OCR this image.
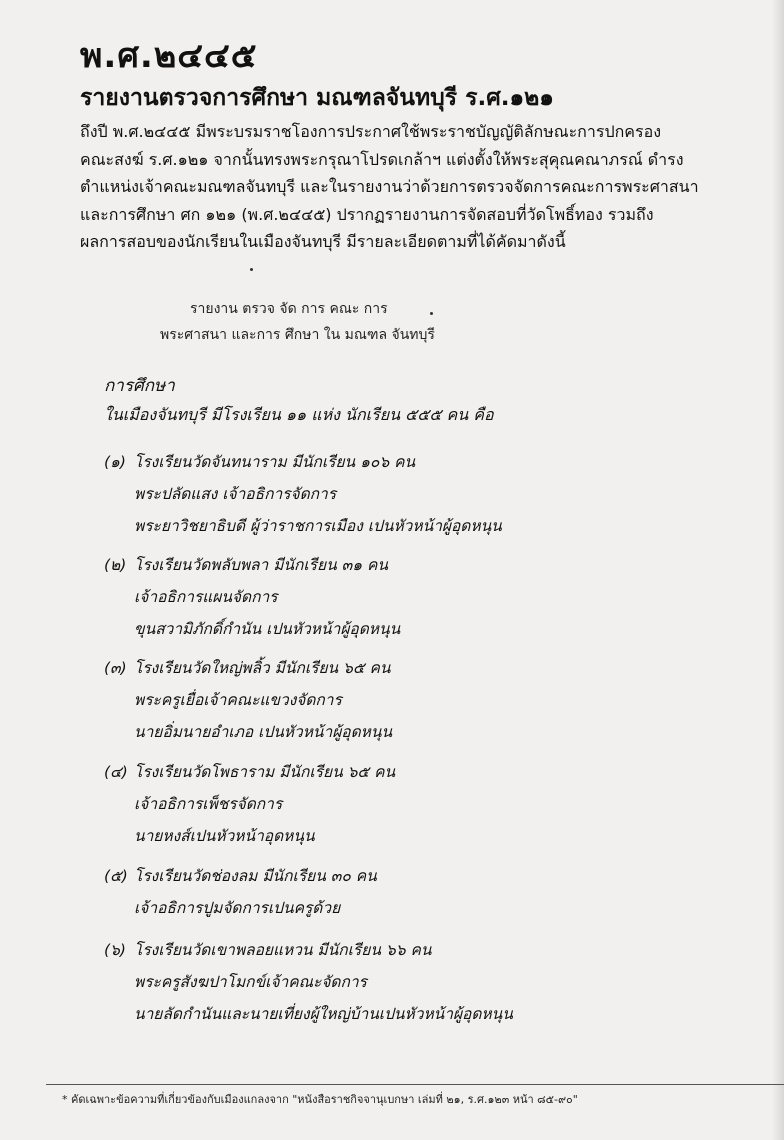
พ.ศ.๒๔๔๕
รายงานตรวจการศึกษา มณฑลจันทบุรี ร.ศ.๑๒๑

ถึงปี พ.ศ.๒๔๔๕ มีพระบรมราชโองการประกาศใช้พระราชบัญญัติลักษณะการปกครอง

คณะสงฆ์ ร.ศ.๑๒๑ จากนั้นทรงพระกรุณาโปรดเกล้าฯ แต่งตั้งให้พระสุคุณคณาภรณ์ ดำรง

ตำแหน่งเจ้าคณะมณฑลจันทบุรี และในรายงานว่าด้วยการตรวจจัดการคณะการพระศาสนา

และการศึกษา ศก ๑๒๑ (พ.ศ.๒๔๔๕) ปรากฏรายงานการจัดสอบที่วัดโพธิ์ทอง รวมถึง

ผลการสอบของนักเรียนในเมืองจันทบุรี มีรายละเอียดตามที่ได้คัดมาดังนี้

รายงาน ตรวจ จัด การ คณะ การ
พระศาสนา และการ ศึกษา ใน มณฑล จันทบุรี
การศึกษา
ในเมืองจันทบุรี มีโรงเรียน ๑๑ แห่ง นักเรียน ๕๕๕ คน คือ
(๑) โรงเรียนวัดจันทนาราม มีนักเรียน ๑๐๖ คน
พระปลัดแสง เจ้าอธิการจัดการ
พระยาวิชยาธิบดี ผู้ว่าราชการเมือง เปนหัวหน้าผู้อุดหนุน
(๒) โรงเรียนวัดพลับพลา มีนักเรียน ๓๑ คน
เจ้าอธิการแผนจัดการ
ขุนสวามิภักดิ์กำนัน เปนหัวหน้าผู้อุดหนุน
(๓) โรงเรียนวัดใหญ่พลิ้ว มีนักเรียน ๖๕ คน
พระครูเยื่อเจ้าคณะแขวงจัดการ
นายอิ่มนายอำเภอ เปนหัวหน้าผู้อุดหนุน
(๔) โรงเรียนวัดโพธาราม มีนักเรียน ๖๕ คน
เจ้าอธิการเพ็ชรจัดการ
นายหงส์เปนหัวหน้าอุดหนุน
(๕) โรงเรียนวัดช่องลม มีนักเรียน ๓๐ คน
เจ้าอธิการปูมจัดการเปนครูด้วย
(๖) โรงเรียนวัดเขาพลอยแหวน มีนักเรียน ๖๖ คน
พระครูสังฆปาโมกข์เจ้าคณะจัดการ
นายลัดกำนันและนายเที่ยงผู้ใหญ่บ้านเปนหัวหน้าผู้อุดหนุน
* คัดเฉพาะข้อความที่เกี่ยวข้องกับเมืองแกลงจาก "หนังสือราชกิจจานุเบกษา เล่มที่ ๒๑, ร.ศ.๑๒๓ หน้า ๘๕-๙๐"
